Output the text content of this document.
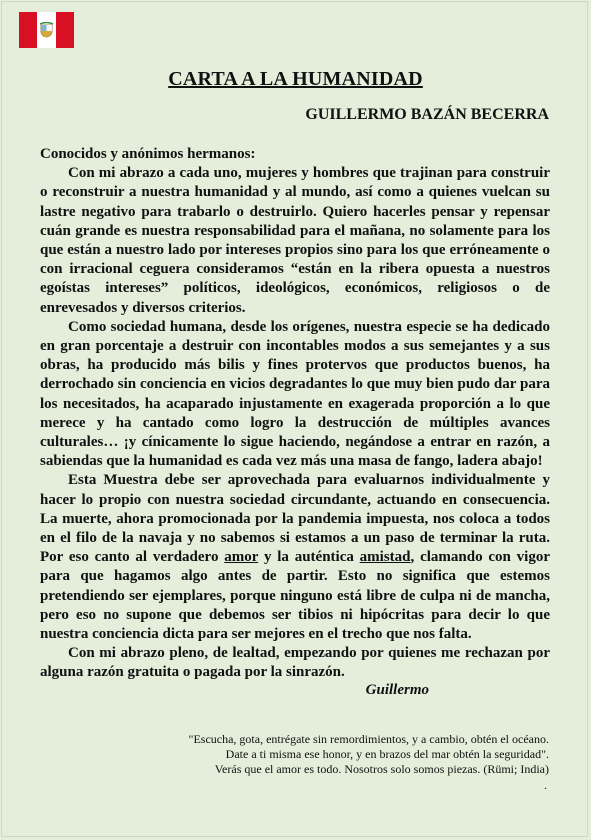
CARTA A LA HUMANIDAD
GUILLERMO BAZÁN BECERRA

Conocidos y anónimos hermanos:

Con mi abrazo a cada uno, mujeres y hombres que trajinan para construir o reconstruir a nuestra humanidad y al mundo, así como a quienes vuelcan su lastre negativo para trabarlo o destruirlo. Quiero hacerles pensar y repensar cuán grande es nuestra responsabilidad para el mañana, no solamente para los que están a nuestro lado por intereses propios sino para los que erróneamente o con irracional ceguera consideramos “están en la ribera opuesta a nuestros egoístas intereses” políticos, ideológicos, económicos, religiosos o de enrevesados y diversos criterios.

Como sociedad humana, desde los orígenes, nuestra especie se ha dedicado en gran porcentaje a destruir con incontables modos a sus semejantes y a sus obras, ha producido más bilis y fines protervos que productos buenos, ha derrochado sin conciencia en vicios degradantes lo que muy bien pudo dar para los necesitados, ha acaparado injustamente en exagerada proporción a lo que merece y ha cantado como logro la destrucción de múltiples avances culturales… ¡y cínicamente lo sigue haciendo, negándose a entrar en razón, a sabiendas que la humanidad es cada vez más una masa de fango, ladera abajo!

Esta Muestra debe ser aprovechada para evaluarnos individualmente y hacer lo propio con nuestra sociedad circundante, actuando en consecuencia. La muerte, ahora promocionada por la pandemia impuesta, nos coloca a todos en el filo de la navaja y no sabemos si estamos a un paso de terminar la ruta. Por eso canto al verdadero amor y la auténtica amistad, clamando con vigor para que hagamos algo antes de partir. Esto no significa que estemos pretendiendo ser ejemplares, porque ninguno está libre de culpa ni de mancha, pero eso no supone que debemos ser tibios ni hipócritas para decir lo que nuestra conciencia dicta para ser mejores en el trecho que nos falta.

Con mi abrazo pleno, de lealtad, empezando por quienes me rechazan por alguna razón gratuita o pagada por la sinrazón.

Guillermo
"Escucha, gota, entrégate sin remordimientos, y a cambio, obtén el océano.
Date a ti misma ese honor, y en brazos del mar obtén la seguridad".
Verás que el amor es todo. Nosotros solo somos piezas. (Rümi; India)
.
